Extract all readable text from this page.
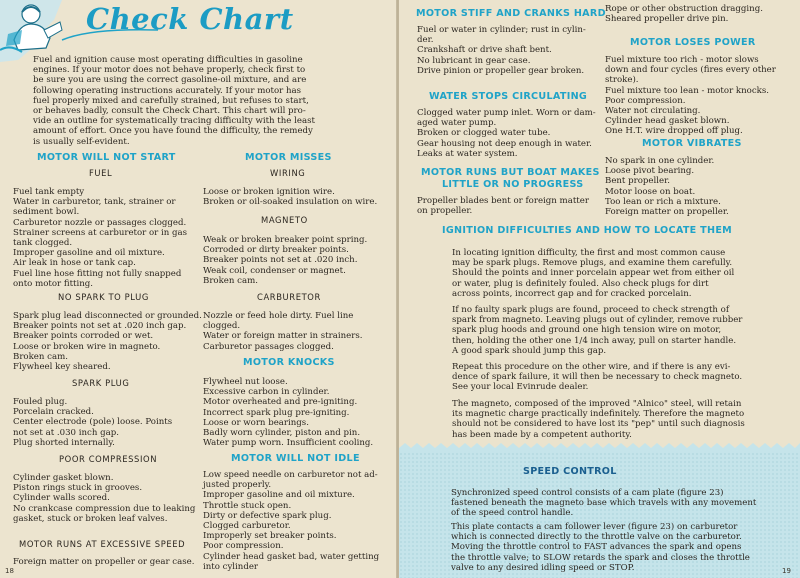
Check Chart

Fuel and ignition cause most operating difficulties in gasoline

engines. If your motor does not behave properly, check first to

be sure you are using the correct gasoline-oil mixture, and are

following operating instructions accurately. If your motor has

fuel properly mixed and carefully strained, but refuses to start,

or behaves badly, consult the Check Chart. This chart will pro-

vide an outline for systematically tracing difficulty with the least

amount of effort. Once you have found the difficulty, the remedy

is usually self-evident.

MOTOR WILL NOT START
FUEL

Fuel tank empty

Water in carburetor, tank, strainer or

sediment bowl.

Carburetor nozzle or passages clogged.

Strainer screens at carburetor or in gas

tank clogged.

Improper gasoline and oil mixture.

Air leak in hose or tank cap.

Fuel line hose fitting not fully snapped

onto motor fitting.

NO SPARK TO PLUG

Spark plug lead disconnected or grounded.

Breaker points not set at .020 inch gap.

Breaker points corroded or wet.

Loose or broken wire in magneto.

Broken cam.

Flywheel key sheared.

SPARK PLUG

Fouled plug.

Porcelain cracked.

Center electrode (pole) loose. Points

not set at .030 inch gap.

Plug shorted internally.

POOR COMPRESSION

Cylinder gasket blown.

Piston rings stuck in grooves.

Cylinder walls scored.

No crankcase compression due to leaking

gasket, stuck or broken leaf valves.

MOTOR RUNS AT EXCESSIVE SPEED

Foreign matter on propeller or gear case.

MOTOR MISSES
WIRING

Loose or broken ignition wire.

Broken or oil-soaked insulation on wire.

MAGNETO

Weak or broken breaker point spring.

Corroded or dirty breaker points.

Breaker points not set at .020 inch.

Weak coil, condenser or magnet.

Broken cam.

CARBURETOR

Nozzle or feed hole dirty. Fuel line

clogged.

Water or foreign matter in strainers.

Carburetor passages clogged.

MOTOR KNOCKS

Flywheel nut loose.

Excessive carbon in cylinder.

Motor overheated and pre-igniting.

Incorrect spark plug pre-igniting.

Loose or worn bearings.

Badly worn cylinder, piston and pin.

Water pump worn. Insufficient cooling.

MOTOR WILL NOT IDLE

Low speed needle on carburetor not ad-

justed properly.

Improper gasoline and oil mixture.

Throttle stuck open.

Dirty or defective spark plug.

Clogged carburetor.

Improperly set breaker points.

Poor compression.

Cylinder head gasket bad, water getting

into cylinder

18
MOTOR STIFF AND CRANKS HARD

Fuel or water in cylinder; rust in cylin-

der.

Crankshaft or drive shaft bent.

No lubricant in gear case.

Drive pinion or propeller gear broken.

Rope or other obstruction dragging.

Sheared propeller drive pin.

MOTOR LOSES POWER

Fuel mixture too rich - motor slows

down and four cycles (fires every other

stroke).

Fuel mixture too lean - motor knocks.

Poor compression.

Water not circulating.

Cylinder head gasket blown.

One H.T. wire dropped off plug.

WATER STOPS CIRCULATING

Clogged water pump inlet. Worn or dam-

aged water pump.

Broken or clogged water tube.

Gear housing not deep enough in water.

Leaks at water system.

MOTOR VIBRATES

No spark in one cylinder.

Loose pivot bearing.

Bent propeller.

Motor loose on boat.

Too lean or rich a mixture.

Foreign matter on propeller.

MOTOR RUNS BUT BOAT MAKES
LITTLE OR NO PROGRESS

Propeller blades bent or foreign matter

on propeller.

IGNITION DIFFICULTIES AND HOW TO LOCATE THEM

In locating ignition difficulty, the first and most common cause

may be spark plugs. Remove plugs, and examine them carefully.

Should the points and inner porcelain appear wet from either oil

or water, plug is definitely fouled. Also check plugs for dirt

across points, incorrect gap and for cracked porcelain.

If no faulty spark plugs are found, proceed to check strength of

spark from magneto. Leaving plugs out of cylinder, remove rubber

spark plug hoods and ground one high tension wire on motor,

then, holding the other one 1/4 inch away, pull on starter handle.

A good spark should jump this gap.

Repeat this procedure on the other wire, and if there is any evi-

dence of spark failure, it will then be necessary to check magneto.

See your local Evinrude dealer.

The magneto, composed of the improved "Alnico" steel, will retain

its magnetic charge practically indefinitely. Therefore the magneto

should not be considered to have lost its "pep" until such diagnosis

has been made by a competent authority.

SPEED CONTROL

Synchronized speed control consists of a cam plate (figure 23)

fastened beneath the magneto base which travels with any movement

of the speed control handle.

This plate contacts a cam follower lever (figure 23) on carburetor

which is connected directly to the throttle valve on the carburetor.

Moving the throttle control to FAST advances the spark and opens

the throttle valve; to SLOW retards the spark and closes the throttle

valve to any desired idling speed or STOP.	19
